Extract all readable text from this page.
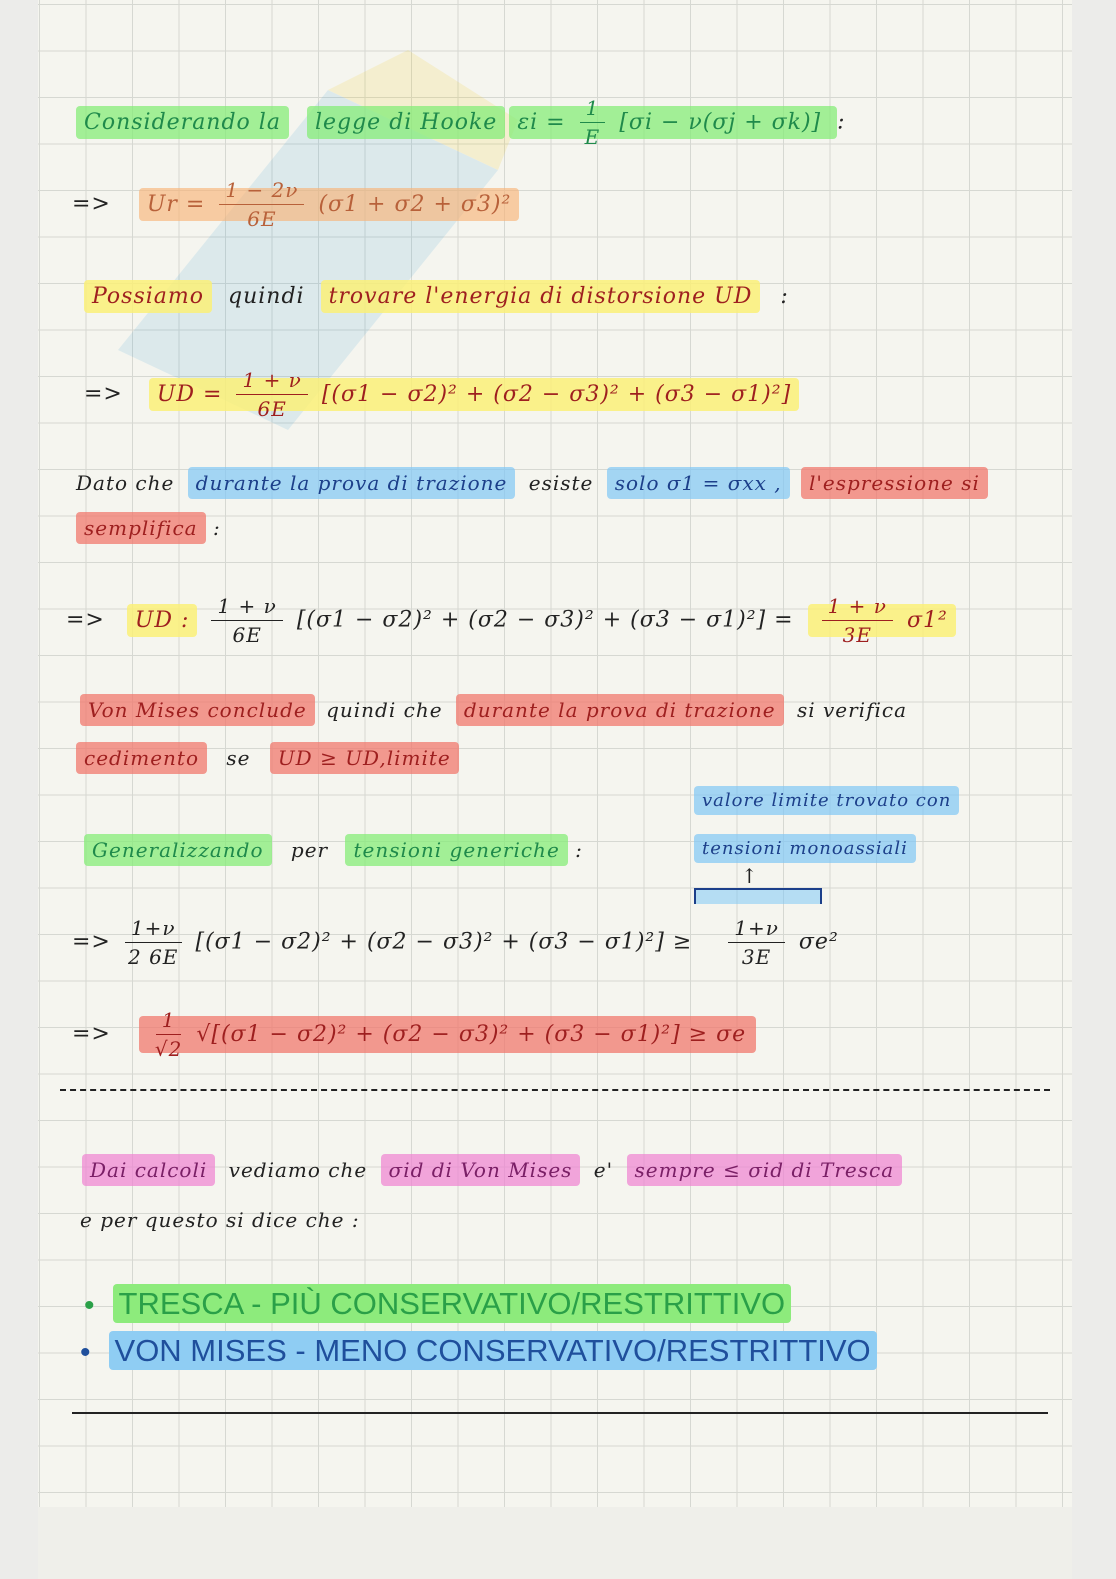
Considerando la legge di Hooke $\varepsilon i = \frac{1}{E} [\sigma i - \nu(\sigma j + \sigma k)]$ :
=> $Ur = \frac{1 - 2\nu}{6E} (\sigma 1 + \sigma 2 + \sigma 3)^2$
Possiamo quindi trovare l'energia di distorsione UD :
=> UD = $\frac{1 + \nu}{6E} [(\sigma 1 - \sigma 2)^2 + (\sigma 2 - \sigma 3)^2 + (\sigma 3 - \sigma 1)^2]$
Dato che durante la prova di trazione esiste solo σ1 = σxx , l'espressione si
semplifica :
=> UD : $\frac{1 + \nu}{6E} [(\sigma 1 - \sigma 2)^2 + (\sigma 2 - \sigma 3)^2 + (\sigma 3 - \sigma 1)^2] = \frac{1 + \nu}{3E} \sigma 1^2$
Von Mises conclude quindi che durante la prova di trazione si verifica
cedimento se UD ≥ UD,limite
valore limite trovato con
tensioni monoassiali
↑
Generalizzando per tensioni generiche :
=> $\frac{1+\nu}{2 6E} [(\sigma 1 - \sigma 2)^2 + (\sigma 2 - \sigma 3)^2 + (\sigma 3 - \sigma 1)^2] \ge \frac{1+\nu}{3E} \sigma e^2$
=> $\frac{1}{√2} √[(\sigma 1 - \sigma 2)^2 + (\sigma 2 - \sigma 3)^2 + (\sigma 3 - \sigma 1)^2] \ge \sigma e$
Dai calcoli vediamo che σid di Von Mises e' sempre ≤ σid di Tresca
e per questo si dice che :
• TRESCA - PIÙ CONSERVATIVO/RESTRITTIVO
• VON MISES - MENO CONSERVATIVO/RESTRITTIVO
